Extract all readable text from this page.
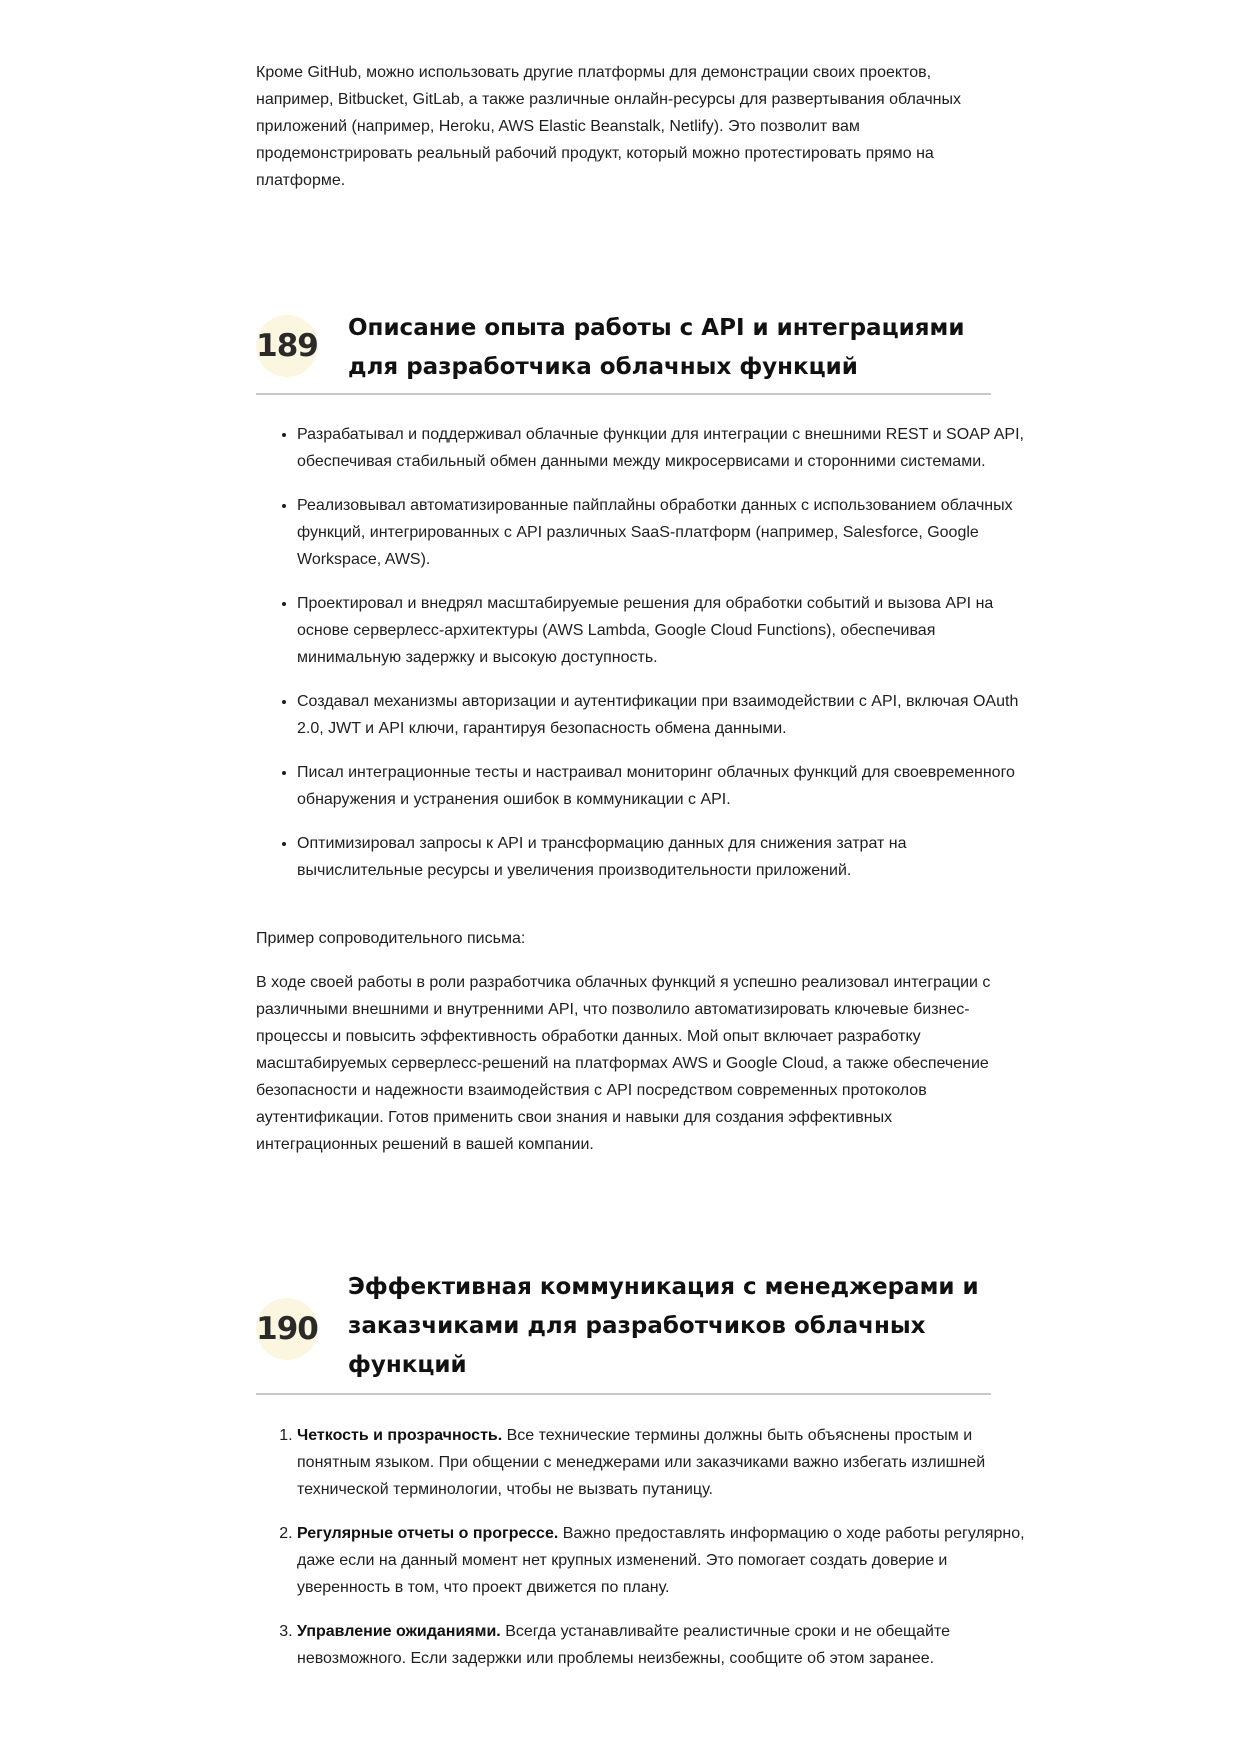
Кроме GitHub, можно использовать другие платформы для демонстрации своих проектов, например, Bitbucket, GitLab, а также различные онлайн-ресурсы для развертывания облачных приложений (например, Heroku, AWS Elastic Beanstalk, Netlify). Это позволит вам продемонстрировать реальный рабочий продукт, который можно протестировать прямо на платформе.

189 Описание опыта работы с API и интеграциями для разработчика облачных функций
• Разрабатывал и поддерживал облачные функции для интеграции с внешними REST и SOAP API, обеспечивая стабильный обмен данными между микросервисами и сторонними системами.
• Реализовывал автоматизированные пайплайны обработки данных с использованием облачных функций, интегрированных с API различных SaaS-платформ (например, Salesforce, Google Workspace, AWS).
• Проектировал и внедрял масштабируемые решения для обработки событий и вызова API на основе серверлесс-архитектуры (AWS Lambda, Google Cloud Functions), обеспечивая минимальную задержку и высокую доступность.
• Создавал механизмы авторизации и аутентификации при взаимодействии с API, включая OAuth 2.0, JWT и API ключи, гарантируя безопасность обмена данными.
• Писал интеграционные тесты и настраивал мониторинг облачных функций для своевременного обнаружения и устранения ошибок в коммуникации с API.
• Оптимизировал запросы к API и трансформацию данных для снижения затрат на вычислительные ресурсы и увеличения производительности приложений.

Пример сопроводительного письма:

В ходе своей работы в роли разработчика облачных функций я успешно реализовал интеграции с различными внешними и внутренними API, что позволило автоматизировать ключевые бизнес-процессы и повысить эффективность обработки данных. Мой опыт включает разработку масштабируемых серверлесс-решений на платформах AWS и Google Cloud, а также обеспечение безопасности и надежности взаимодействия с API посредством современных протоколов аутентификации. Готов применить свои знания и навыки для создания эффективных интеграционных решений в вашей компании.

190
Эффективная коммуникация с менеджерами и заказчиками для разработчиков облачных функций
1. Четкость и прозрачность. Все технические термины должны быть объяснены простым и понятным языком. При общении с менеджерами или заказчиками важно избегать излишней технической терминологии, чтобы не вызвать путаницу.
2. Регулярные отчеты о прогрессе. Важно предоставлять информацию о ходе работы регулярно, даже если на данный момент нет крупных изменений. Это помогает создать доверие и уверенность в том, что проект движется по плану.
3. Управление ожиданиями. Всегда устанавливайте реалистичные сроки и не обещайте невозможного. Если задержки или проблемы неизбежны, сообщите об этом заранее.
